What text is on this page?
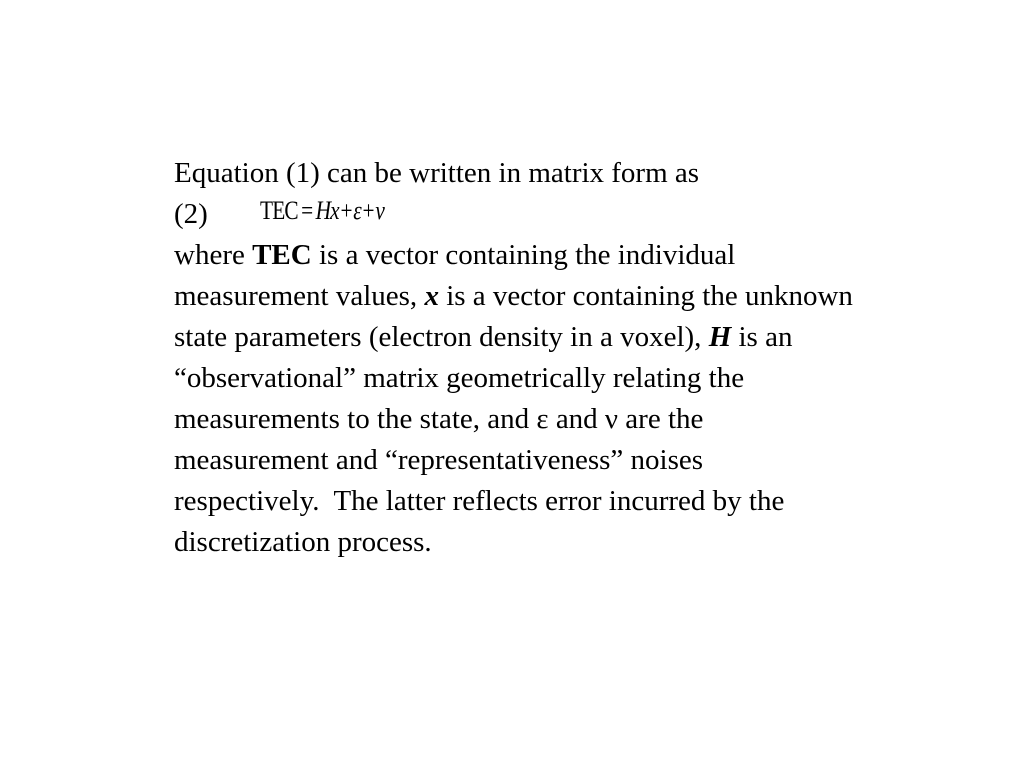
Equation (1) can be written in matrix form as
(2) TEC = Hx+ε+ν
where TEC is a vector containing the individual
measurement values, x is a vector containing the unknown
state parameters (electron density in a voxel), H is an
“observational” matrix geometrically relating the
measurements to the state, and ε and ν are the
measurement and “representativeness” noises
respectively.  The latter reflects error incurred by the
discretization process.
